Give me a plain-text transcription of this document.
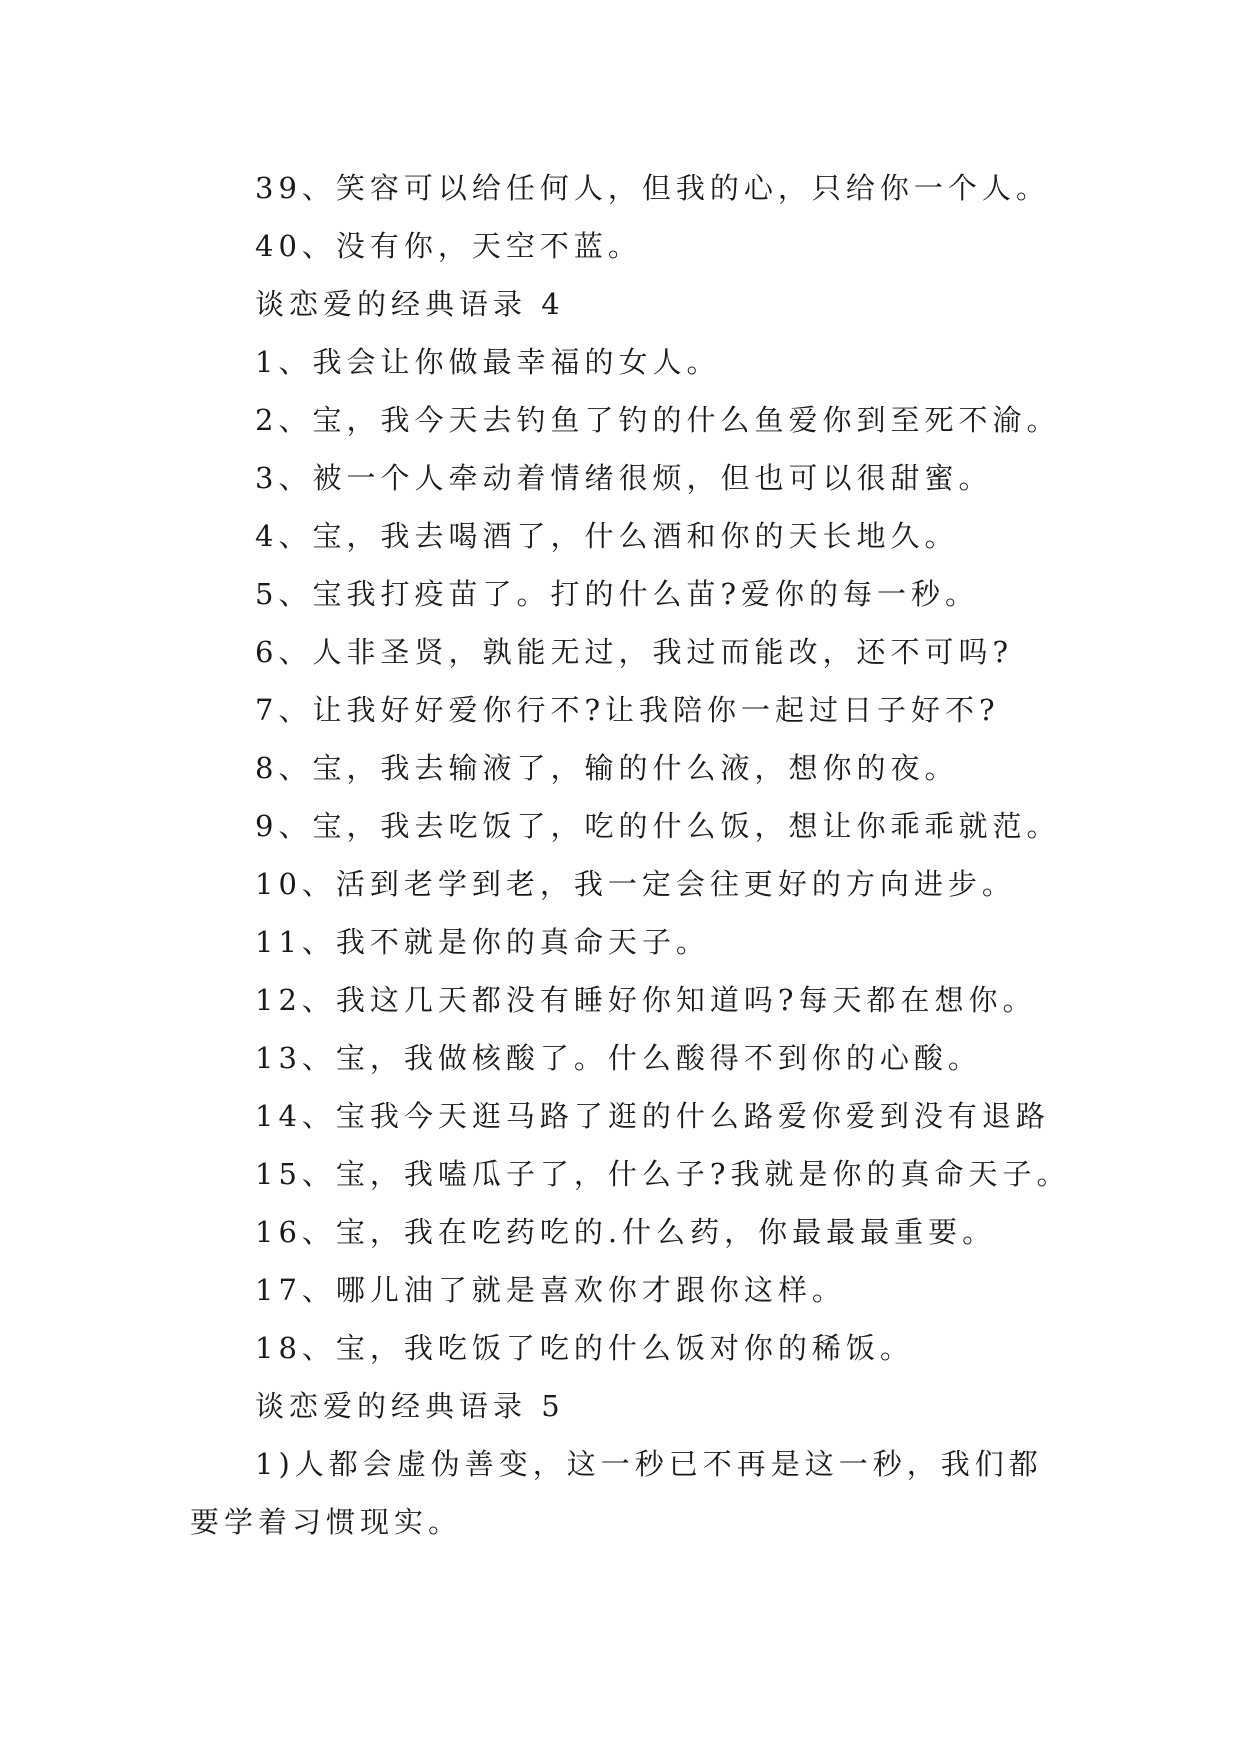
39、笑容可以给任何人，但我的心，只给你一个人。
40、没有你，天空不蓝。
谈恋爱的经典语录 4
1、我会让你做最幸福的女人。
2、宝，我今天去钓鱼了钓的什么鱼爱你到至死不渝。
3、被一个人牵动着情绪很烦，但也可以很甜蜜。
4、宝，我去喝酒了，什么酒和你的天长地久。
5、宝我打疫苗了。打的什么苗?爱你的每一秒。
6、人非圣贤，孰能无过，我过而能改，还不可吗?
7、让我好好爱你行不?让我陪你一起过日子好不?
8、宝，我去输液了，输的什么液，想你的夜。
9、宝，我去吃饭了，吃的什么饭，想让你乖乖就范。
10、活到老学到老，我一定会往更好的方向进步。
11、我不就是你的真命天子。
12、我这几天都没有睡好你知道吗?每天都在想你。
13、宝，我做核酸了。什么酸得不到你的心酸。
14、宝我今天逛马路了逛的什么路爱你爱到没有退路
15、宝，我嗑瓜子了，什么子?我就是你的真命天子。
16、宝，我在吃药吃的.什么药，你最最最重要。
17、哪儿油了就是喜欢你才跟你这样。
18、宝，我吃饭了吃的什么饭对你的稀饭。
谈恋爱的经典语录 5
1)人都会虚伪善变，这一秒已不再是这一秒，我们都要学着习惯现实。
